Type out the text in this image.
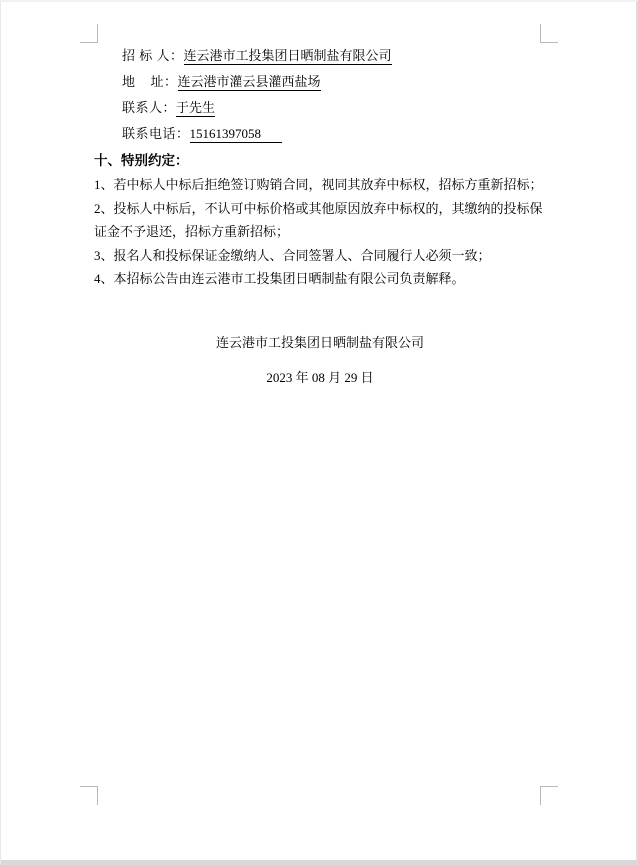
招 标 人：连云港市工投集团日晒制盐有限公司
地    址：连云港市灌云县灌西盐场
联系人：于先生
联系电话：15161397058
十、特别约定：
1、若中标人中标后拒绝签订购销合同，视同其放弃中标权，招标方重新招标；
2、投标人中标后，不认可中标价格或其他原因放弃中标权的，其缴纳的投标保
证金不予退还，招标方重新招标；
3、报名人和投标保证金缴纳人、合同签署人、合同履行人必须一致；
4、本招标公告由连云港市工投集团日晒制盐有限公司负责解释。
连云港市工投集团日晒制盐有限公司
2023 年 08 月 29 日
